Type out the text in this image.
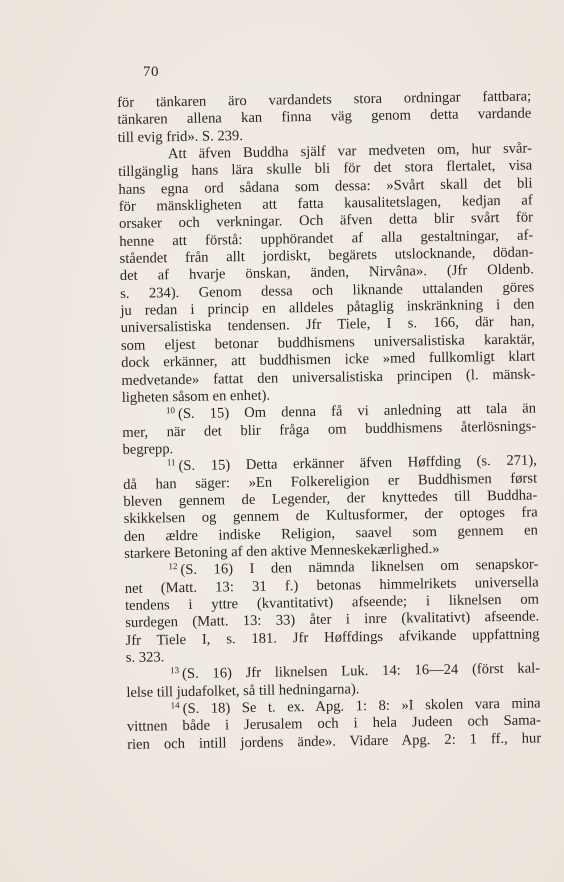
70
för tänkaren äro vardandets stora ordningar fattbara;
tänkaren allena kan finna väg genom detta vardande
till evig frid». S. 239.
Att äfven Buddha själf var medveten om, hur svår-
tillgänglig hans lära skulle bli för det stora flertalet, visa
hans egna ord sådana som dessa: »Svårt skall det bli
för mänskligheten att fatta kausalitetslagen, kedjan af
orsaker och verkningar. Och äfven detta blir svårt för
henne att förstå: upphörandet af alla gestaltningar, af-
ståendet från allt jordiskt, begärets utslocknande, dödan-
det af hvarje önskan, änden, Nirvâna». (Jfr Oldenb.
s. 234). Genom dessa och liknande uttalanden göres
ju redan i princip en alldeles påtaglig inskränkning i den
universalistiska tendensen. Jfr Tiele, I s. 166, där han,
som eljest betonar buddhismens universalistiska karaktär,
dock erkänner, att buddhismen icke »med fullkomligt klart
medvetande» fattat den universalistiska principen (l. mänsk-
ligheten såsom en enhet).
$^{10}$ (S. 15) Om denna få vi anledning att tala än
mer, när det blir fråga om buddhismens återlösnings-
begrepp.
$^{11}$ (S. 15) Detta erkänner äfven Høffding (s. 271),
då han säger: »En Folkereligion er Buddhismen først
bleven gennem de Legender, der knyttedes till Buddha-
skikkelsen og gennem de Kultusformer, der optoges fra
den ældre indiske Religion, saavel som gennem en
starkere Betoning af den aktive Menneskekærlighed.»
$^{12}$ (S. 16) I den nämnda liknelsen om senapskor-
net (Matt. 13: 31 f.) betonas himmelrikets universella
tendens i yttre (kvantitativt) afseende; i liknelsen om
surdegen (Matt. 13: 33) åter i inre (kvalitativt) afseende.
Jfr Tiele I, s. 181. Jfr Høffdings afvikande uppfattning
s. 323.
$^{13}$ (S. 16) Jfr liknelsen Luk. 14: 16—24 (först kal-
lelse till judafolket, så till hedningarna).
$^{14}$ (S. 18) Se t. ex. Apg. 1: 8: »I skolen vara mina
vittnen både i Jerusalem och i hela Judeen och Sama-
rien och intill jordens ände». Vidare Apg. 2: 1 ff., hur
